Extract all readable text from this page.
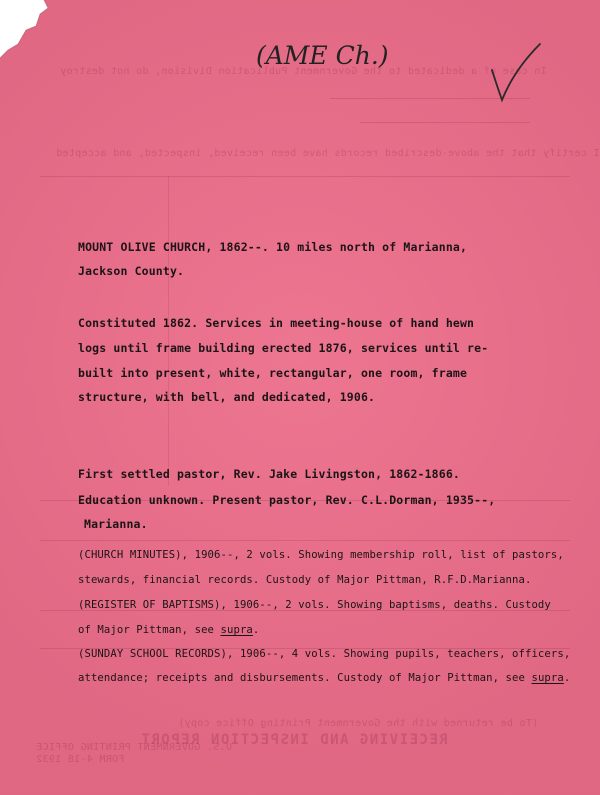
(AME Ch.)
In case of a dedicated to the Government Publication Division, do not destroy
I certify that the above-described records have been received, inspected, and accepted
(To be returned with the Government Printing Office copy)
RECEIVING AND INSPECTION REPORT
U.S. GOVERNMENT PRINTING OFFICE
FORM 4-18 1932
MOUNT OLIVE CHURCH, 1862--. 10 miles north of Marianna,
Jackson County.
Constituted 1862. Services in meeting-house of hand hewn
logs until frame building erected 1876, services until re-
built into present, white, rectangular, one room, frame
structure, with bell, and dedicated, 1906.
First settled pastor, Rev. Jake Livingston, 1862-1866.
Education unknown. Present pastor, Rev. C.L.Dorman, 1935--,
Marianna.
(CHURCH MINUTES), 1906--, 2 vols. Showing membership roll, list of pastors,
stewards, financial records. Custody of Major Pittman, R.F.D.Marianna.
(REGISTER OF BAPTISMS), 1906--, 2 vols. Showing baptisms, deaths. Custody
of Major Pittman, see supra.
(SUNDAY SCHOOL RECORDS), 1906--, 4 vols. Showing pupils, teachers, officers,
attendance; receipts and disbursements. Custody of Major Pittman, see supra.
